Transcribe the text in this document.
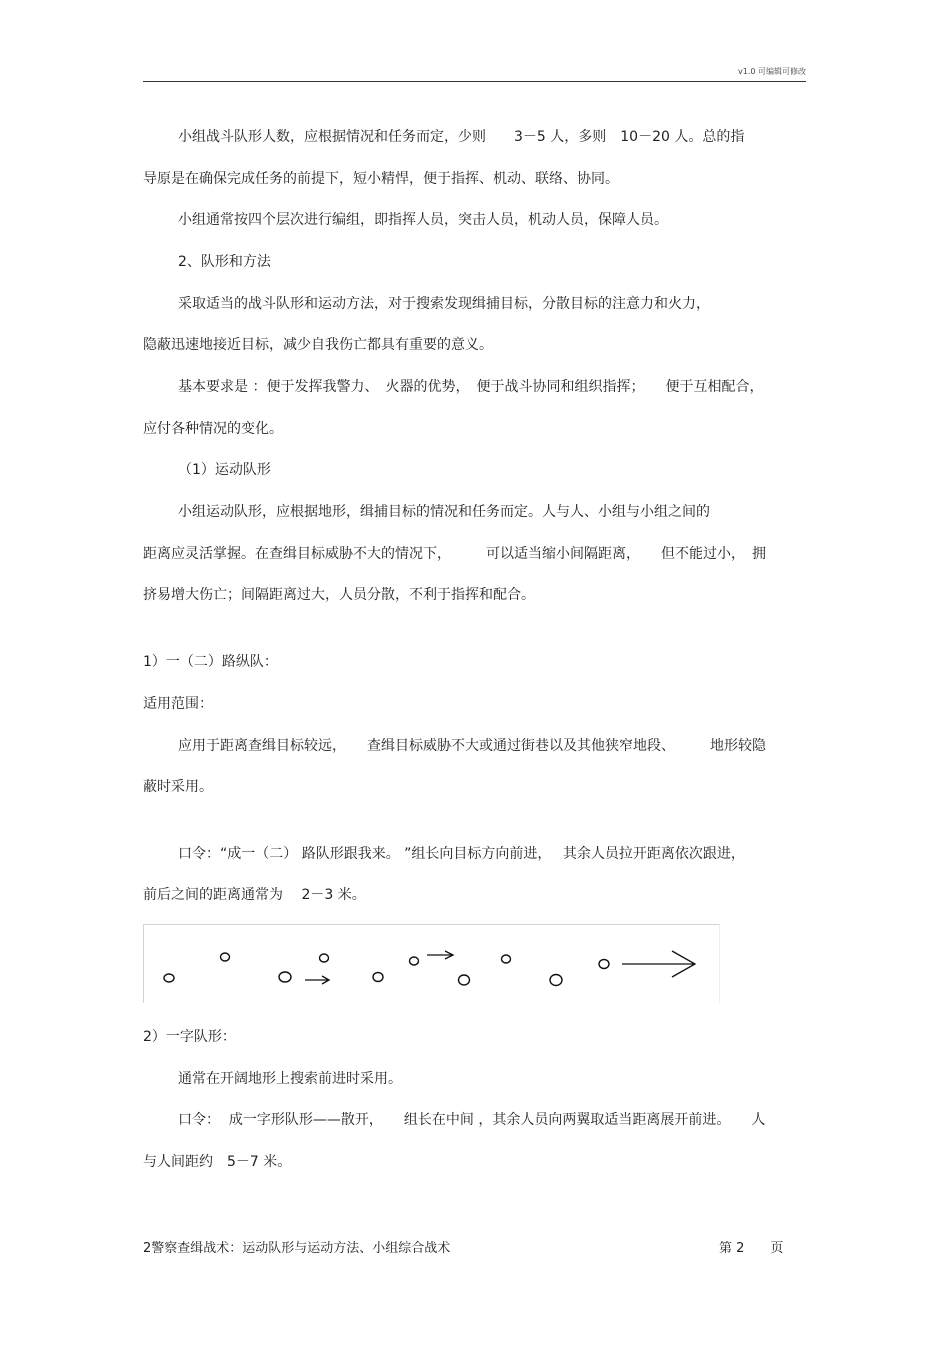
v1.0 可编辑可修改
小组战斗队形人数，应根据情况和任务而定，少则　　3－5 人，多则　10－20 人。总的指
导原是在确保完成任务的前提下，短小精悍，便于指挥、机动、联络、协同。
小组通常按四个层次进行编组，即指挥人员，突击人员，机动人员，保障人员。
2、队形和方法
采取适当的战斗队形和运动方法，对于搜索发现缉捕目标，分散目标的注意力和火力，
隐蔽迅速地接近目标，减少自我伤亡都具有重要的意义。
基本要求是 ：便于发挥我警力、　火器的优势，　便于战斗协同和组织指挥；　　便于互相配合，
应付各种情况的变化。
（1）运动队形
小组运动队形，应根据地形，缉捕目标的情况和任务而定。人与人、小组与小组之间的
距离应灵活掌握。在查缉目标威胁不大的情况下，　　　可以适当缩小间隔距离，　　但不能过小，　拥
挤易增大伤亡；间隔距离过大，人员分散，不利于指挥和配合。
1）一（二）路纵队：
适用范围：
应用于距离查缉目标较远，　　查缉目标威胁不大或通过街巷以及其他狭窄地段、　　　地形较隐
蔽时采用。
口令：“成一（二） 路队形跟我来。 ”组长向目标方向前进，　 其余人员拉开距离依次跟进，
前后之间的距离通常为　 2－3 米。
2）一字队形：
通常在开阔地形上搜索前进时采用。
口令：  成一字形队形——散开，　　组长在中间 ，其余人员向两翼取适当距离展开前进。　　人
与人间距约　5－7 米。
2警察查缉战术：运动队形与运动方法、小组综合战术	第 2　　页
